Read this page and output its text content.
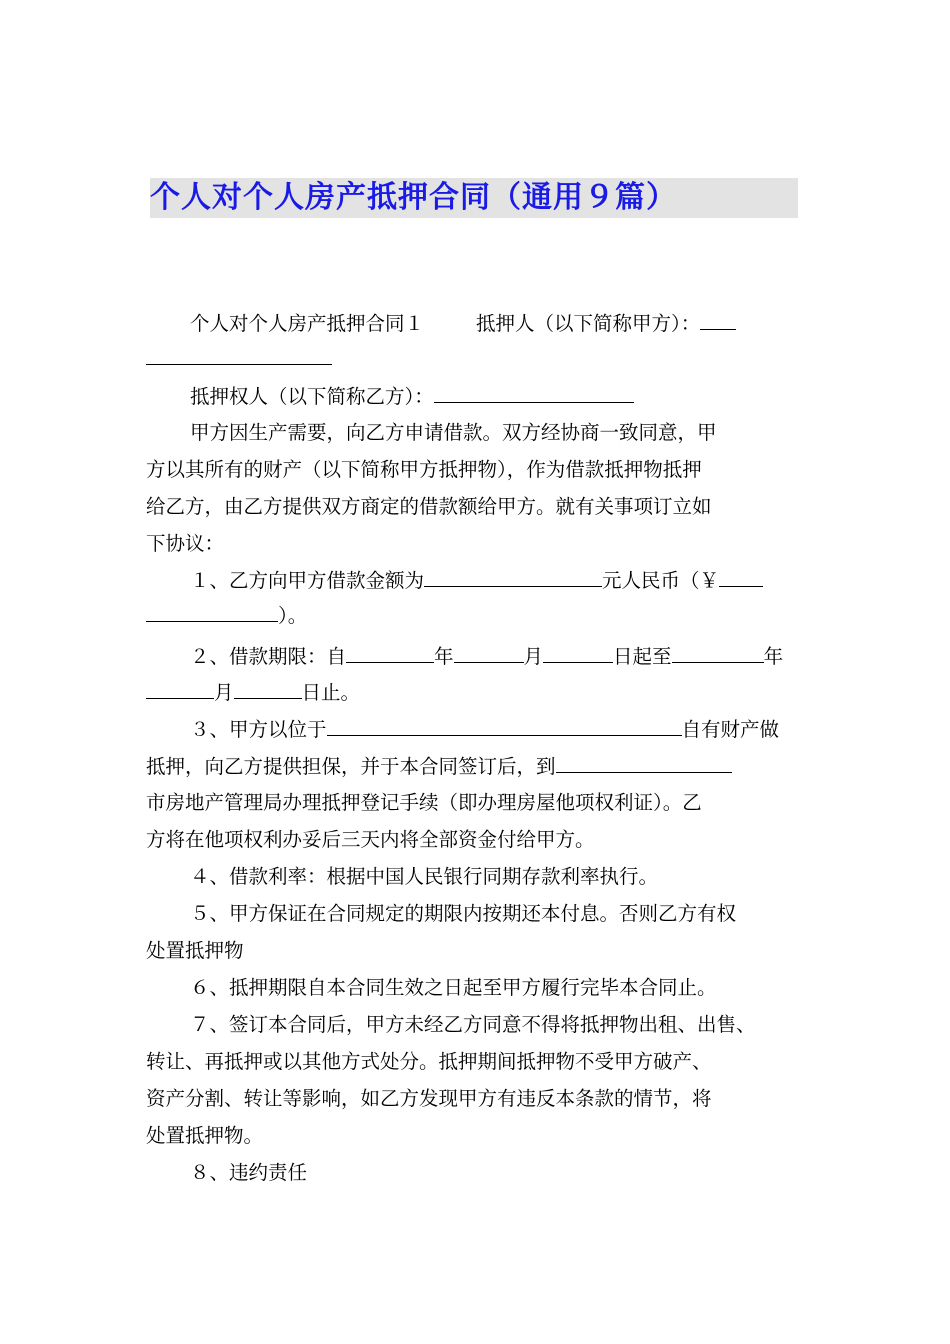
个人对个人房产抵押合同（通用９篇）
个人对个人房产抵押合同１	抵押人（以下简称甲方）：
抵押权人（以下简称乙方）：
甲方因生产需要，向乙方申请借款。双方经协商一致同意，甲
方以其所有的财产（以下简称甲方抵押物），作为借款抵押物抵押
给乙方，由乙方提供双方商定的借款额给甲方。就有关事项订立如
下协议：
１、乙方向甲方借款金额为	元人民币（￥
）。
２、借款期限：自	年	月	日起至	年
月	日止。
３、甲方以位于	自有财产做
抵押，向乙方提供担保，并于本合同签订后，到
市房地产管理局办理抵押登记手续（即办理房屋他项权利证）。乙
方将在他项权利办妥后三天内将全部资金付给甲方。
４、借款利率：根据中国人民银行同期存款利率执行。
５、甲方保证在合同规定的期限内按期还本付息。否则乙方有权
处置抵押物
６、抵押期限自本合同生效之日起至甲方履行完毕本合同止。
７、签订本合同后，甲方未经乙方同意不得将抵押物出租、出售、
转让、再抵押或以其他方式处分。抵押期间抵押物不受甲方破产、
资产分割、转让等影响，如乙方发现甲方有违反本条款的情节，将
处置抵押物。
８、违约责任
